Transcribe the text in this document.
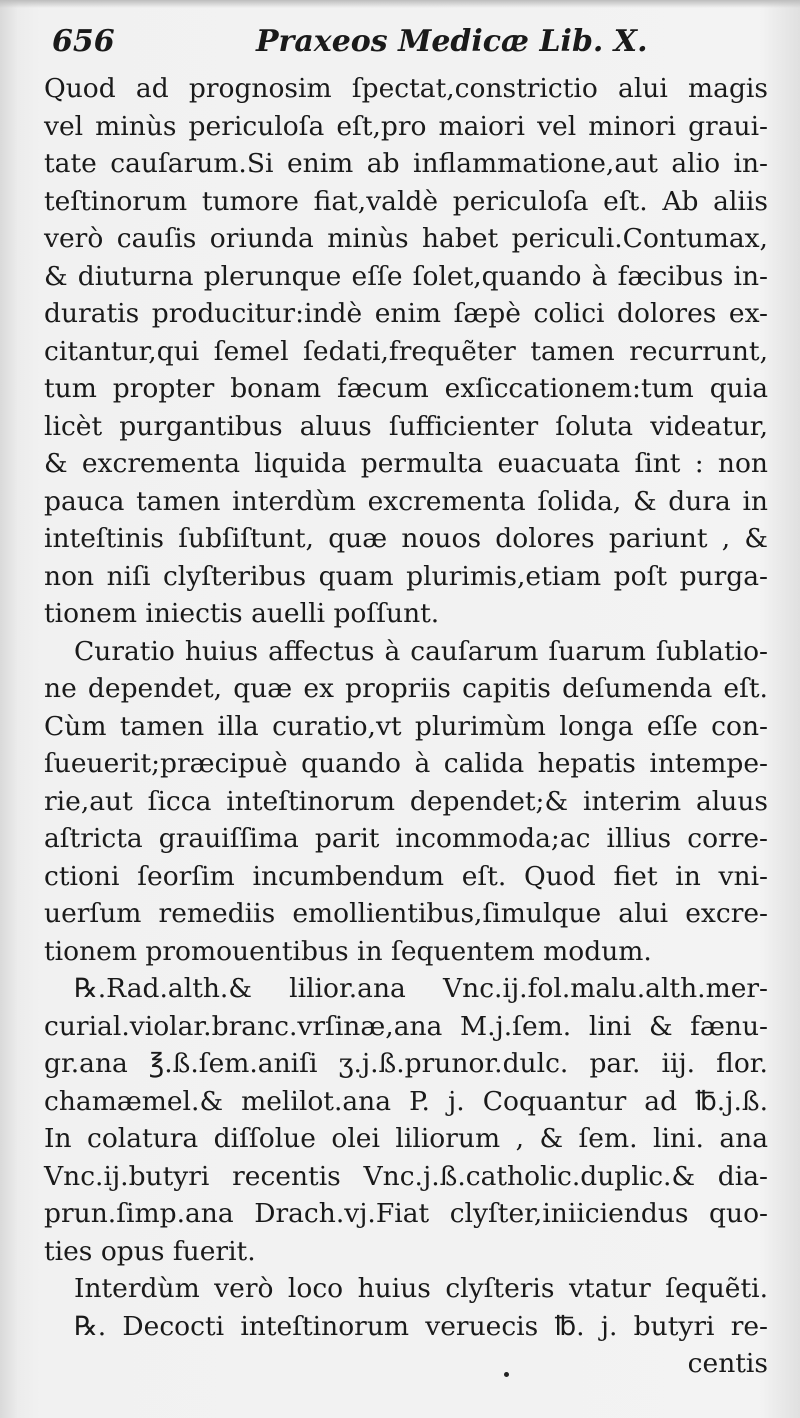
656	Praxeos Medicæ Lib. X.
Quod ad prognosim ſpectat,constrictio alui magis
vel minùs periculoſa eſt,pro maiori vel minori graui-
tate cauſarum.Si enim ab inflammatione,aut alio in-
teſtinorum tumore fiat,valdè periculoſa eſt. Ab aliis
verò cauſis oriunda minùs habet periculi.Contumax,
& diuturna plerunque eſſe ſolet,quando à fæcibus in-
duratis producitur:indè enim ſæpè colici dolores ex-
citantur,qui ſemel ſedati,frequẽter tamen recurrunt,
tum propter bonam fæcum exſiccationem:tum quia
licèt purgantibus aluus ſufficienter ſoluta videatur,
& excrementa liquida permulta euacuata ſint : non
pauca tamen interdùm excrementa ſolida, & dura in
inteſtinis ſubſiſtunt, quæ nouos dolores pariunt , &
non niſi clyſteribus quam plurimis,etiam poſt purga-
tionem iniectis auelli poſſunt.
Curatio huius affectus à cauſarum ſuarum ſublatio-
ne dependet, quæ ex propriis capitis deſumenda eſt.
Cùm tamen illa curatio,vt plurimùm longa eſſe con-
ſueuerit;præcipuè quando à calida hepatis intempe-
rie,aut ſicca inteſtinorum dependet;& interim aluus
aſtricta grauiſſima parit incommoda;ac illius corre-
ctioni ſeorſim incumbendum eſt. Quod fiet in vni-
uerſum remediis emollientibus,ſimulque alui excre-
tionem promouentibus in ſequentem modum.
℞.Rad.alth.& lilior.ana Vnc.ij.fol.malu.alth.mer-
curial.violar.branc.vrſinæ,ana M.j.ſem. lini & fænu-
gr.ana ℥.ß.ſem.aniſi ʒ.j.ß.prunor.dulc. par. iij. flor.
chamæmel.& melilot.ana P. j. Coquantur ad ℔.j.ß.
In colatura diſſolue olei liliorum , & ſem. lini. ana
Vnc.ij.butyri recentis Vnc.j.ß.catholic.duplic.& dia-
prun.ſimp.ana Drach.vj.Fiat clyſter,iniiciendus quo-
ties opus fuerit.
Interdùm verò loco huius clyſteris vtatur ſequẽti.
℞. Decocti inteſtinorum veruecis ℔. j. butyri re-
centis
